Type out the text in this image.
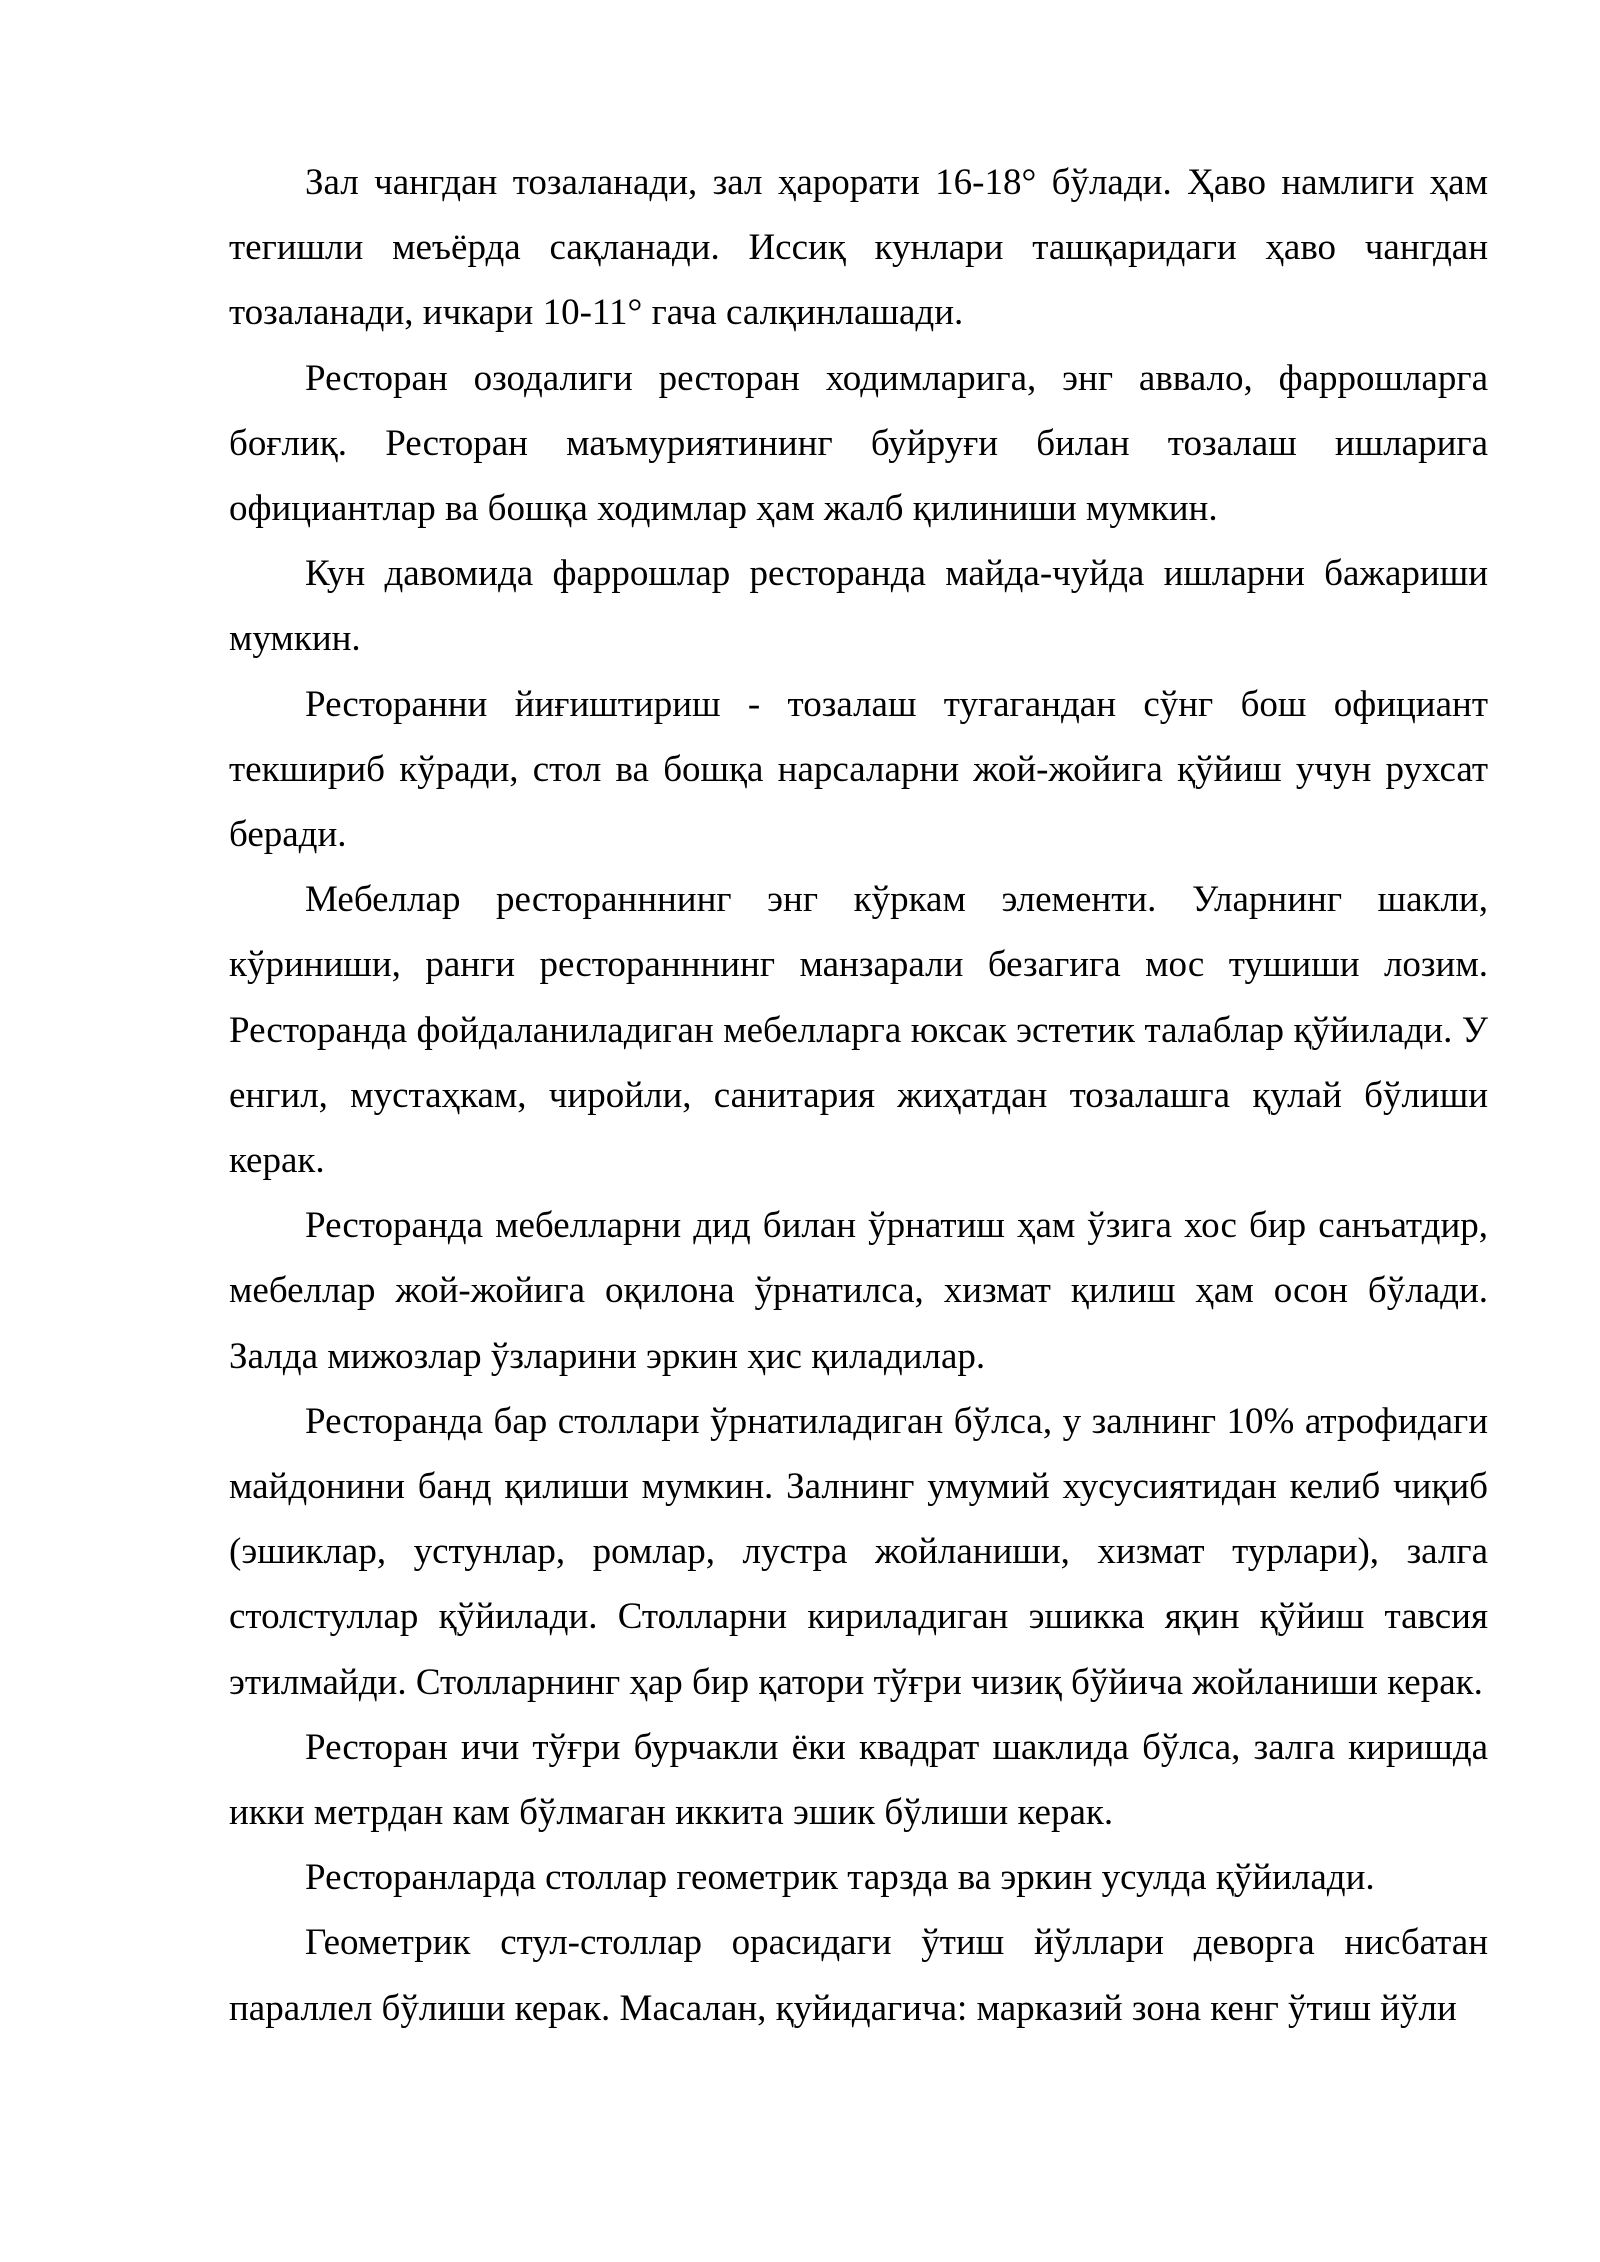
Зал чангдан тозаланади, зал ҳарорати 16-18° бўлади. Ҳаво намлиги ҳам тегишли меъёрда сақланади. Иссиқ кунлари ташқаридаги ҳаво чангдан тозаланади, ичкари 10-11° гача салқинлашади.

Ресторан озодалиги ресторан ходимларига, энг аввало, фаррошларга боғлиқ. Ресторан маъмуриятининг буйруғи билан тозалаш ишларига официантлар ва бошқа ходимлар ҳам жалб қилиниши мумкин.

Кун давомида фаррошлар ресторанда майда-чуйда ишларни бажариши мумкин.

Ресторанни йиғиштириш - тозалаш тугагандан сўнг бош официант текшириб кўради, стол ва бошқа нарсаларни жой-жойига қўйиш учун рухсат беради.

Мебеллар ресторанннинг энг кўркам элементи. Уларнинг шакли, кўриниши, ранги ресторанннинг манзарали безагига мос тушиши лозим. Ресторанда фойдаланиладиган мебелларга юксак эстетик талаблар қўйилади. У енгил, мустаҳкам, чиройли, санитария жиҳатдан тозалашга қулай бўлиши керак.

Ресторанда мебелларни дид билан ўрнатиш ҳам ўзига хос бир санъатдир, мебеллар жой-жойига оқилона ўрнатилса, хизмат қилиш ҳам осон бўлади. Залда мижозлар ўзларини эркин ҳис қиладилар.

Ресторанда бар столлари ўрнатиладиган бўлса, у залнинг 10% атрофидаги майдонини банд қилиши мумкин. Залнинг умумий хусусиятидан келиб чиқиб (эшиклар, устунлар, ромлар, лустра жойланиши, хизмат турлари), залга столстуллар қўйилади. Столларни кириладиган эшикка яқин қўйиш тавсия этилмайди. Столларнинг ҳар бир қатори тўғри чизиқ бўйича жойланиши керак.

Ресторан ичи тўғри бурчакли ёки квадрат шаклида бўлса, залга киришда икки метрдан кам бўлмаган иккита эшик бўлиши керак.

Ресторанларда столлар геометрик тарзда ва эркин усулда қўйилади.

Геометрик стул-столлар орасидаги ўтиш йўллари деворга нисбатан параллел бўлиши керак. Масалан, қуйидагича: марказий зона кенг ўтиш йўли
